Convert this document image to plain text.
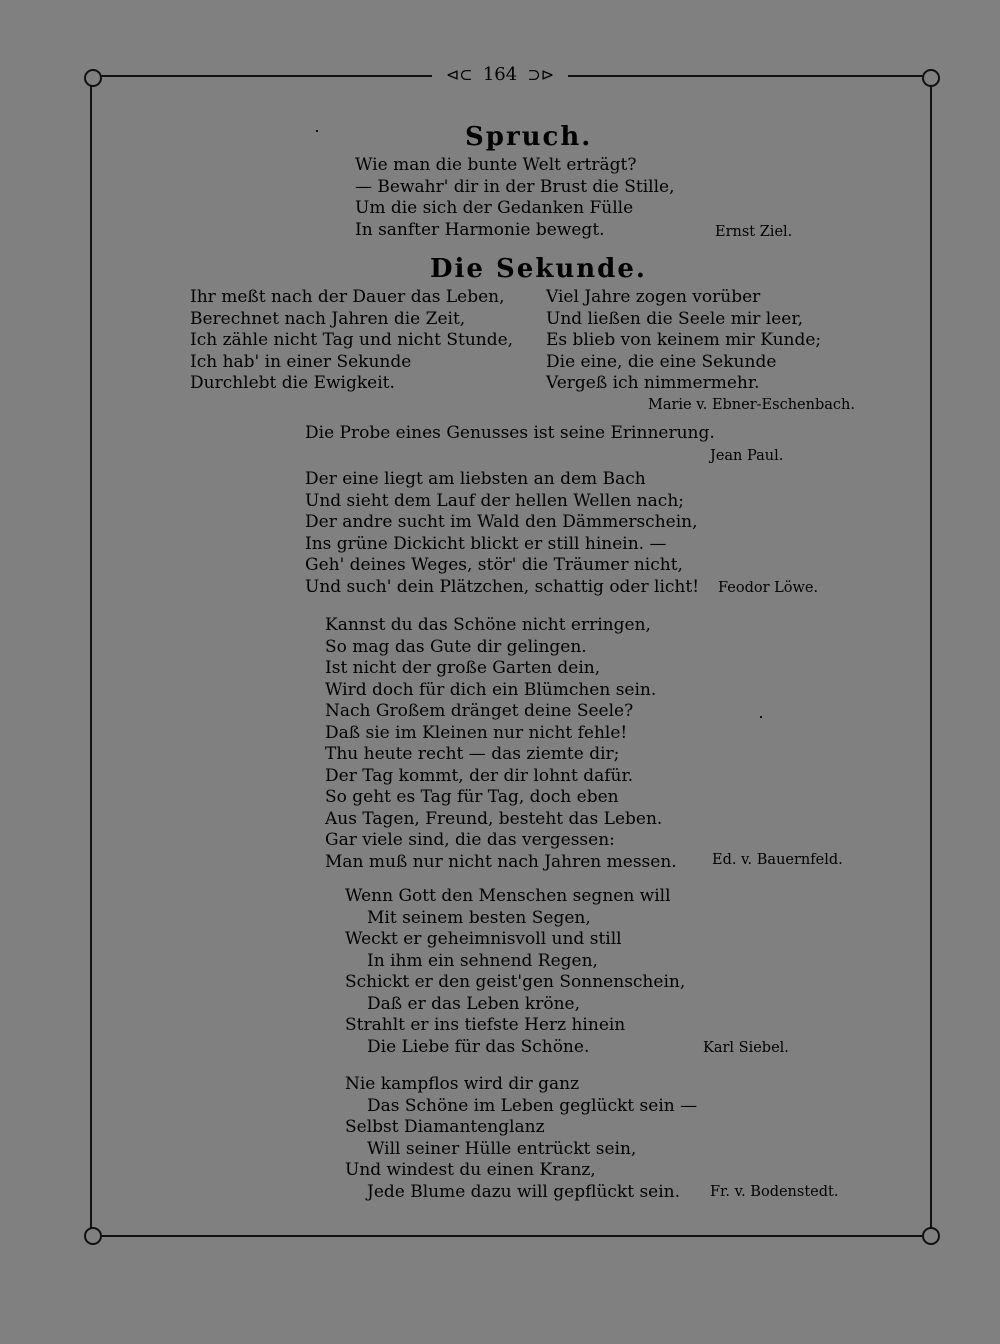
⊲⊂  164  ⊃⊳
Spruch.
Wie man die bunte Welt erträgt?
— Bewahr' dir in der Brust die Stille,
Um die sich der Gedanken Fülle
In sanfter Harmonie bewegt.	Ernst Ziel.
Die Sekunde.
Ihr meßt nach der Dauer das Leben,
Berechnet nach Jahren die Zeit,
Ich zähle nicht Tag und nicht Stunde,
Ich hab' in einer Sekunde
Durchlebt die Ewigkeit.
Viel Jahre zogen vorüber
Und ließen die Seele mir leer,
Es blieb von keinem mir Kunde;
Die eine, die eine Sekunde
Vergeß ich nimmermehr.
Marie v. Ebner-Eschenbach.
Die Probe eines Genusses ist seine Erinnerung.
Jean Paul.
Der eine liegt am liebsten an dem Bach
Und sieht dem Lauf der hellen Wellen nach;
Der andre sucht im Wald den Dämmerschein,
Ins grüne Dickicht blickt er still hinein. —
Geh' deines Weges, stör' die Träumer nicht,
Und such' dein Plätzchen, schattig oder licht! Feodor Löwe.
Kannst du das Schöne nicht erringen,
So mag das Gute dir gelingen.
Ist nicht der große Garten dein,
Wird doch für dich ein Blümchen sein.
Nach Großem dränget deine Seele?
Daß sie im Kleinen nur nicht fehle!
Thu heute recht — das ziemte dir;
Der Tag kommt, der dir lohnt dafür.
So geht es Tag für Tag, doch eben
Aus Tagen, Freund, besteht das Leben.
Gar viele sind, die das vergessen:
Man muß nur nicht nach Jahren messen. Ed. v. Bauernfeld.
Wenn Gott den Menschen segnen will
Mit seinem besten Segen,
Weckt er geheimnisvoll und still
In ihm ein sehnend Regen,
Schickt er den geist'gen Sonnenschein,
Daß er das Leben kröne,
Strahlt er ins tiefste Herz hinein
Die Liebe für das Schöne.	Karl Siebel.
Nie kampflos wird dir ganz
Das Schöne im Leben geglückt sein —
Selbst Diamantenglanz
Will seiner Hülle entrückt sein,
Und windest du einen Kranz,
Jede Blume dazu will gepflückt sein.	Fr. v. Bodenstedt.
